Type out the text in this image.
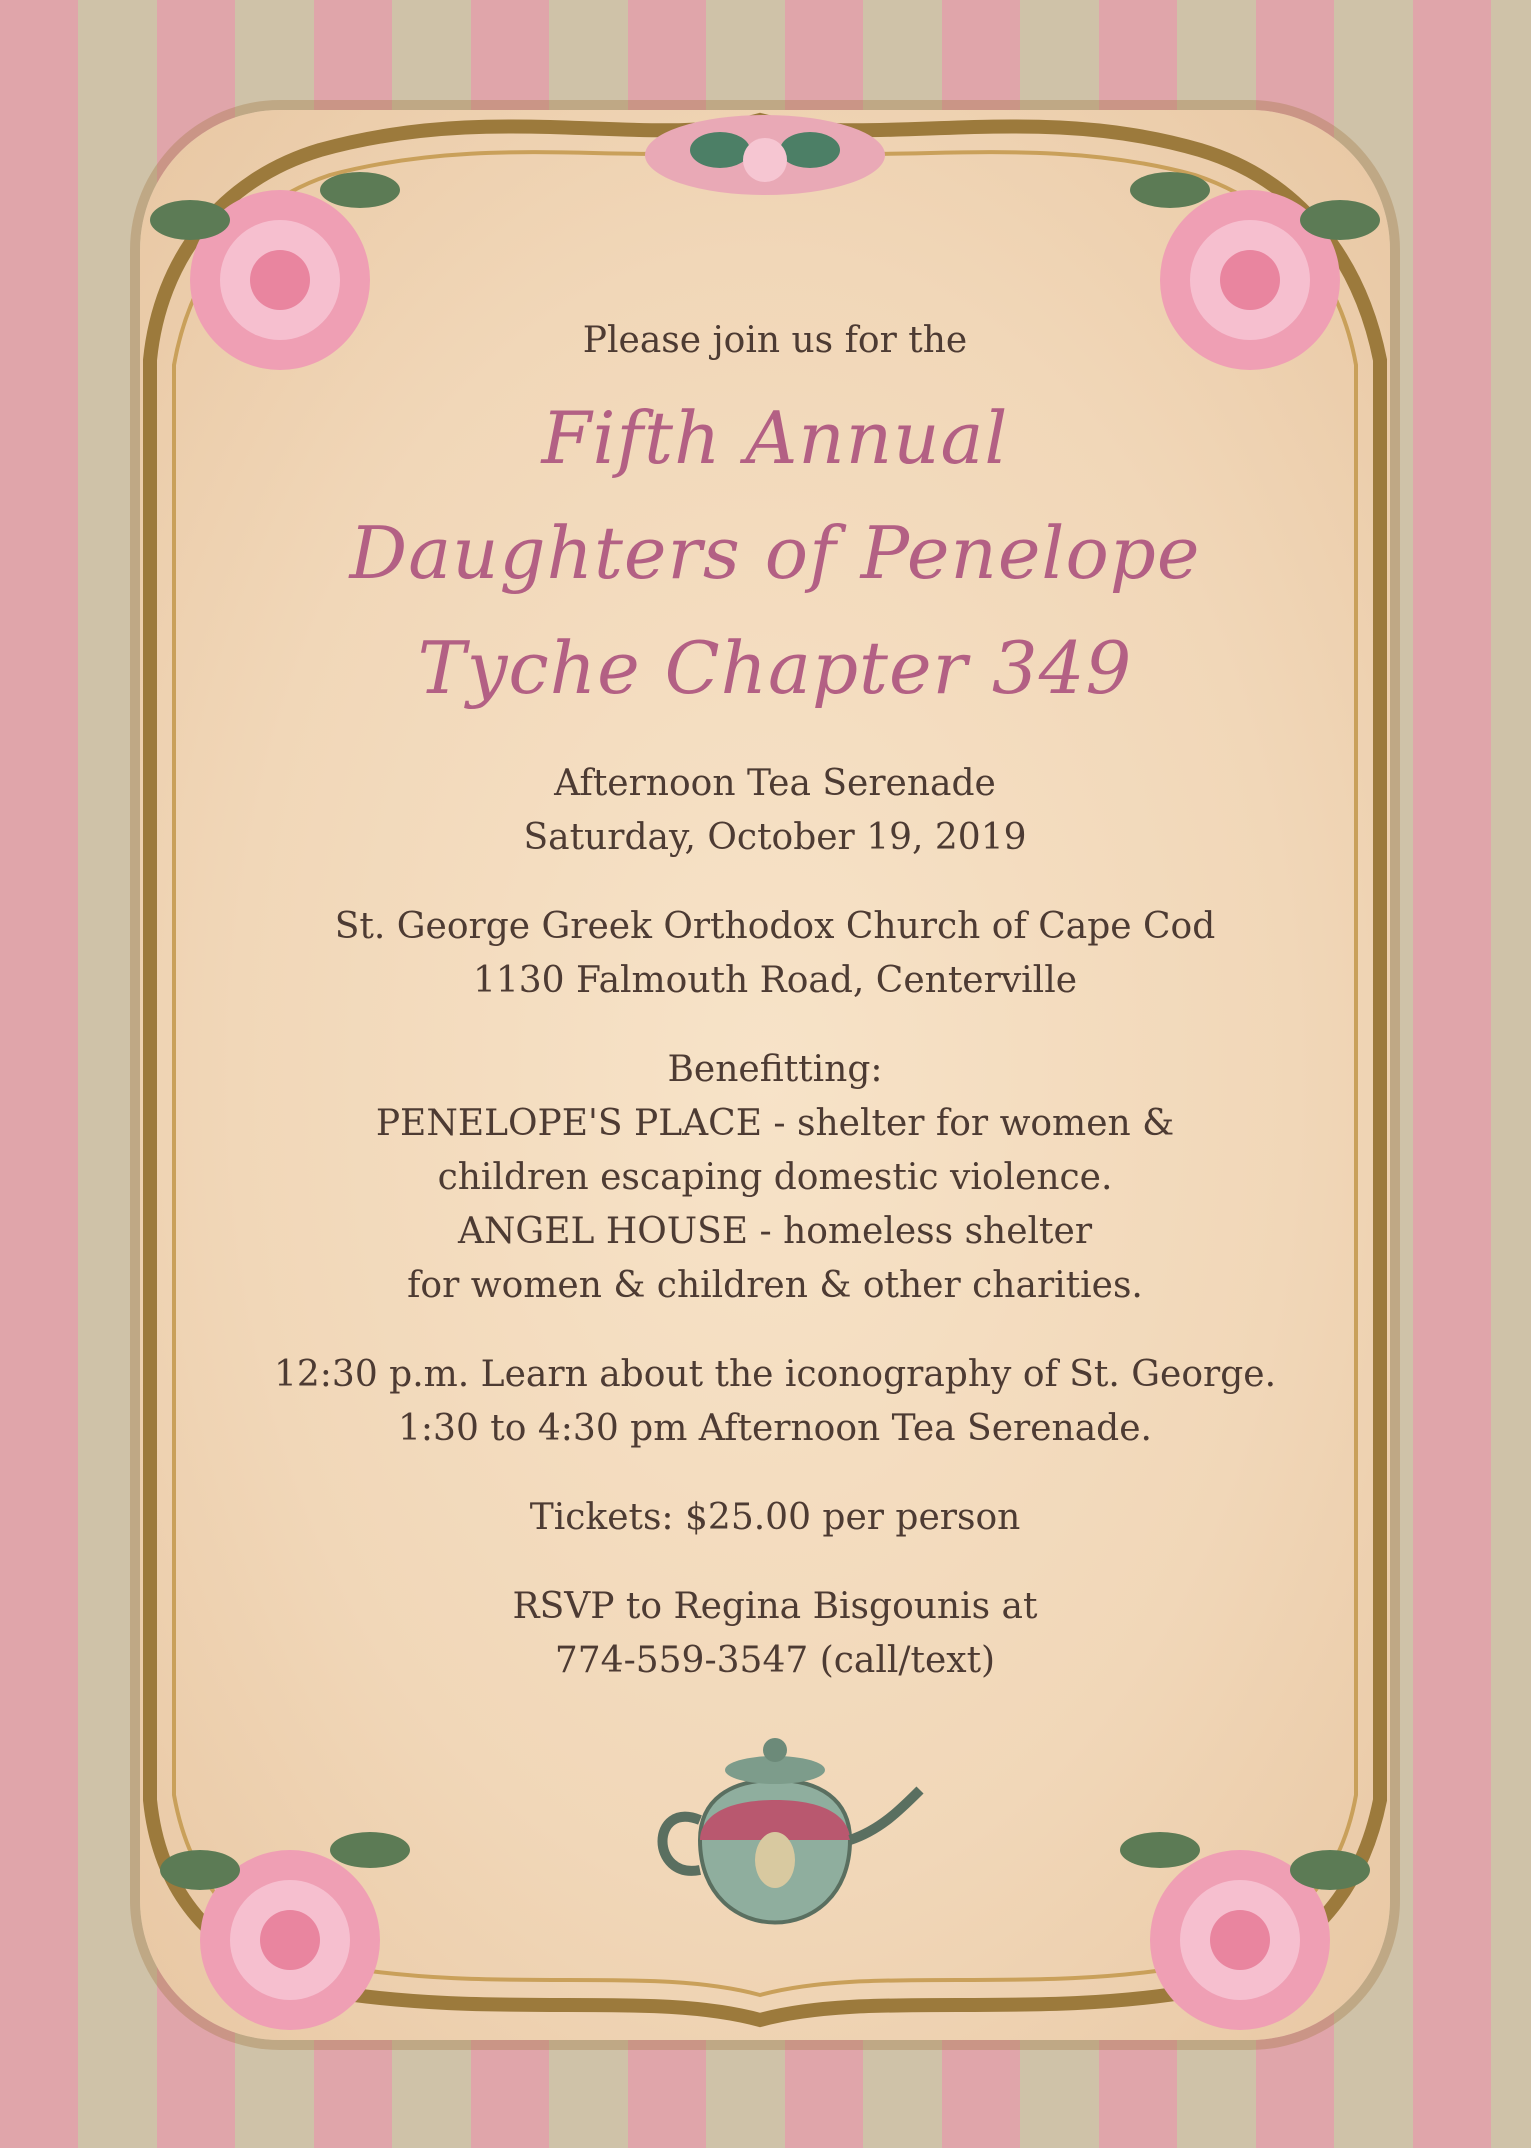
Please join us for the

Fifth Annual
Daughters of Penelope
Tyche Chapter 349

Afternoon Tea Serenade

Saturday, October 19, 2019

St. George Greek Orthodox Church of Cape Cod

1130 Falmouth Road, Centerville

Benefitting:

PENELOPE'S PLACE - shelter for women &

children escaping domestic violence.

ANGEL HOUSE - homeless shelter

for women & children & other charities.

12:30 p.m. Learn about the iconography of St. George.

1:30 to 4:30 pm Afternoon Tea Serenade.

Tickets: $25.00 per person

RSVP to Regina Bisgounis at

774-559-3547 (call/text)
